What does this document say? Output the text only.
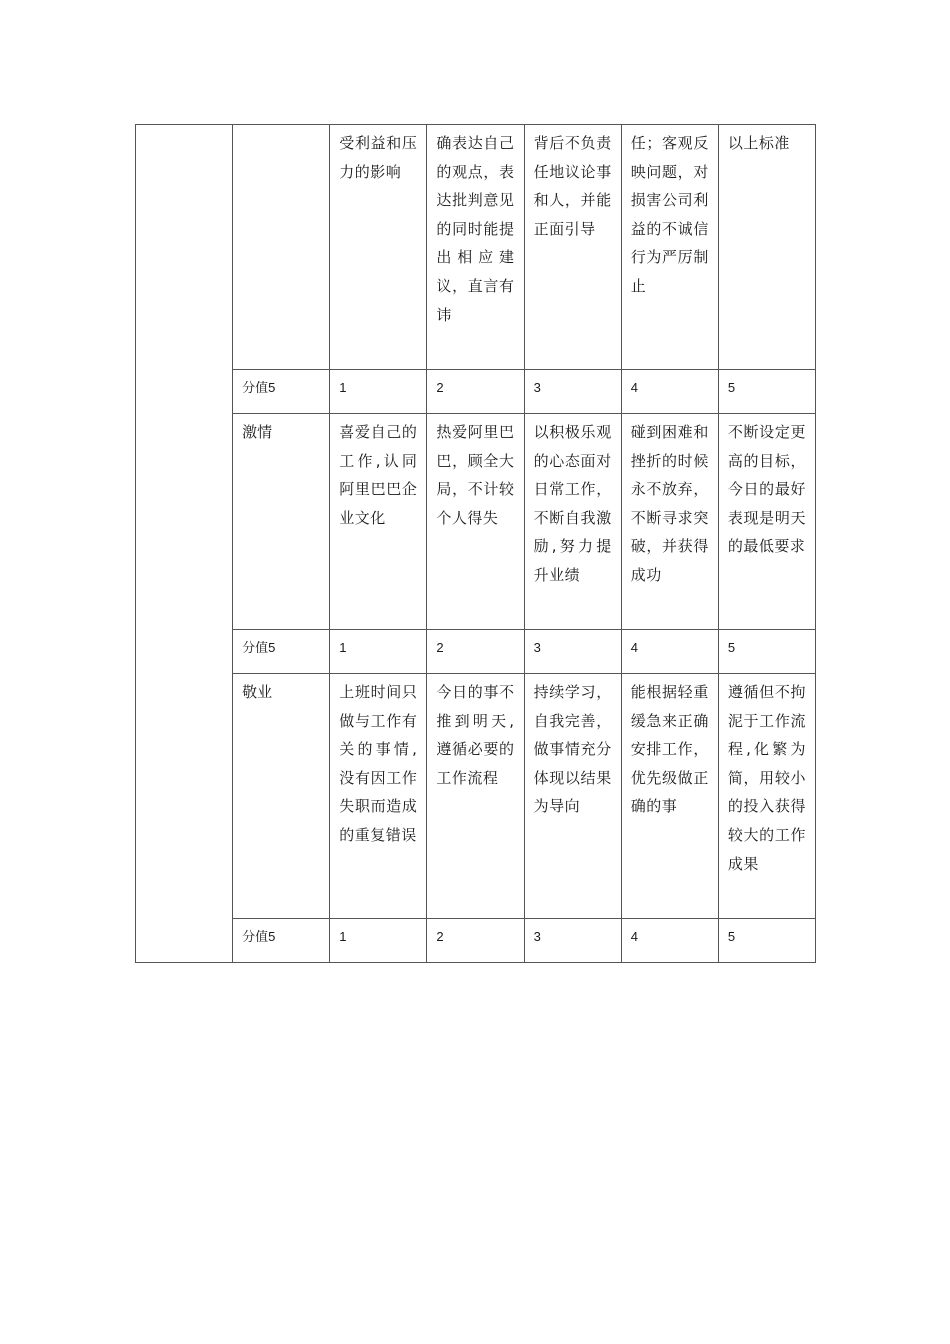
		受利益和压力的影响	确表达自己的观点，表达批判意见的同时能提出相应建议，直言有讳	背后不负责任地议论事和人，并能正面引导	任；客观反映问题，对损害公司利益的不诚信行为严厉制止	以上标准
	分值5	1	2	3	4	5
	激情	喜爱自己的工作,认同阿里巴巴企业文化	热爱阿里巴巴，顾全大局，不计较个人得失	以积极乐观的心态面对日常工作，不断自我激励,努力提升业绩	碰到困难和挫折的时候永不放弃，不断寻求突破，并获得成功	不断设定更高的目标，今日的最好表现是明天的最低要求
	分值5	1	2	3	4	5
	敬业	上班时间只做与工作有关的事情,没有因工作失职而造成的重复错误	今日的事不推到明天,遵循必要的工作流程	持续学习，自我完善，做事情充分体现以结果为导向	能根据轻重缓急来正确安排工作，优先级做正确的事	遵循但不拘泥于工作流程,化繁为简，用较小的投入获得较大的工作成果
	分值5	1	2	3	4	5
